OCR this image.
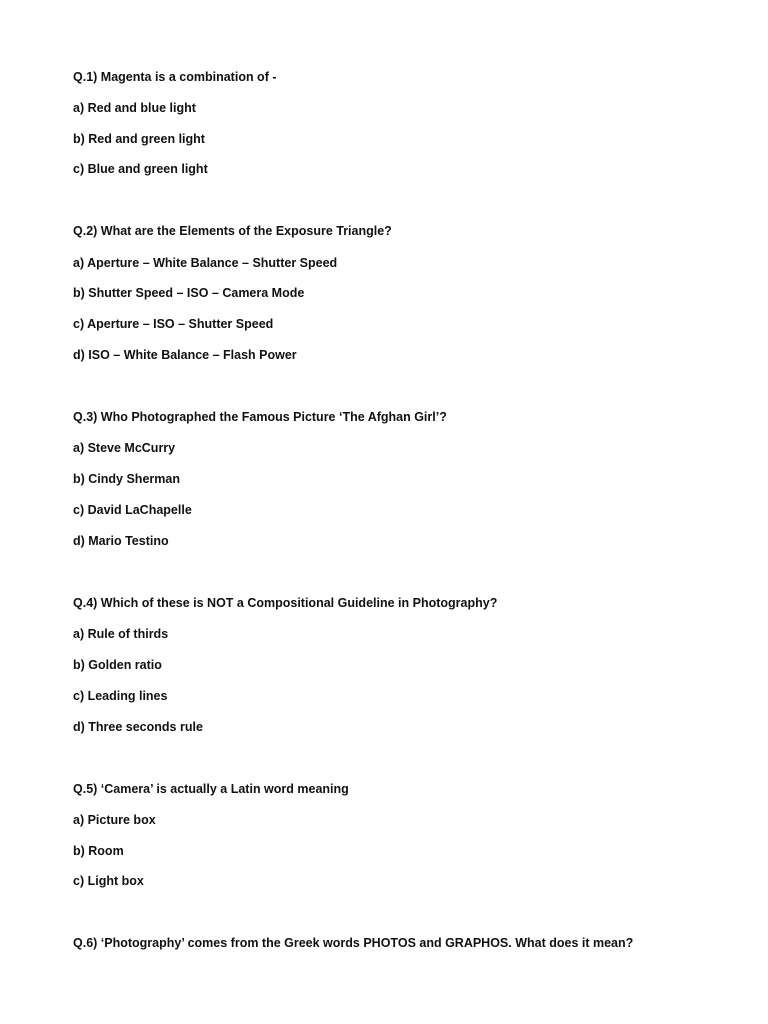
Q.1) Magenta is a combination of -
a) Red and blue light
b) Red and green light
c) Blue and green light
Q.2) What are the Elements of the Exposure Triangle?
a) Aperture – White Balance – Shutter Speed
b) Shutter Speed – ISO – Camera Mode
c) Aperture – ISO – Shutter Speed
d) ISO – White Balance – Flash Power
Q.3) Who Photographed the Famous Picture ‘The Afghan Girl’?
a) Steve McCurry
b) Cindy Sherman
c) David LaChapelle
d) Mario Testino
Q.4) Which of these is NOT a Compositional Guideline in Photography?
a) Rule of thirds
b) Golden ratio
c) Leading lines
d) Three seconds rule
Q.5) ‘Camera’ is actually a Latin word meaning
a) Picture box
b) Room
c) Light box
Q.6) ‘Photography’ comes from the Greek words PHOTOS and GRAPHOS. What does it mean?
